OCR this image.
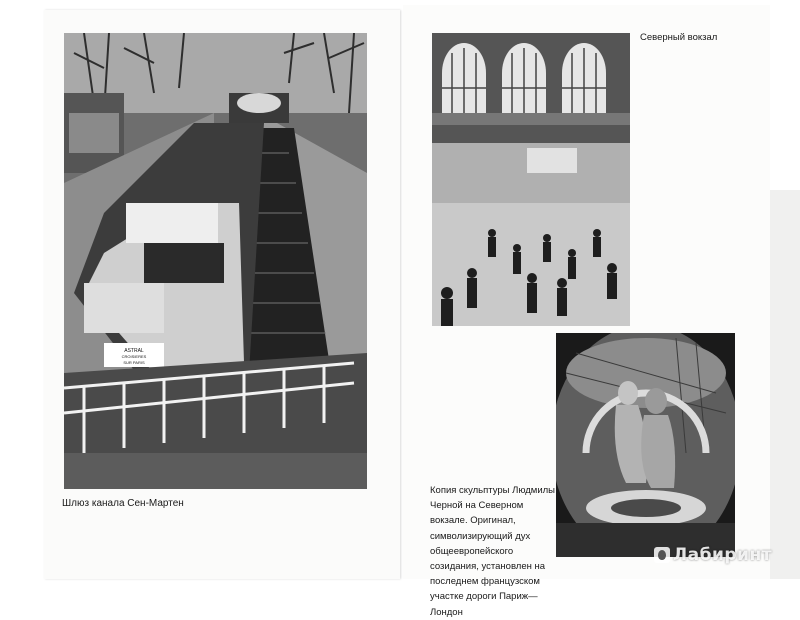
ASTRAL
CROISIERES
SUR PARIS

Шлюз канала Сен-Мартен

Северный вокзал

Копия скульптуры Людмилы Черной на Северном вокзале. Оригинал, символизирующий дух общеевропейского созидания, установлен на последнем французском участке дороги Париж—Лондон

Лабиринт
